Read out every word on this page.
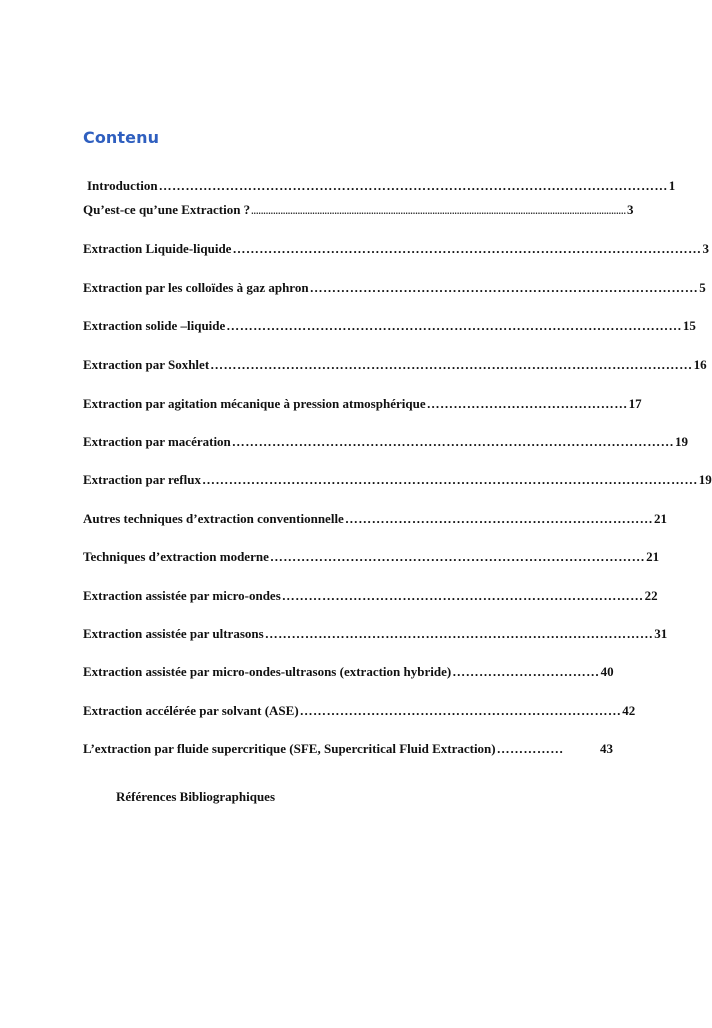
Contenu
Introduction …………………………………………………………………………………………………… 1
Qu’est-ce qu’une Extraction ? ......................................................................................................................................................... 3
Extraction Liquide-liquide …………………………………………………………………………………………… 3
Extraction par les colloïdes à gaz aphron …………………………………………………………………………… 5
Extraction solide –liquide ………………………………………………………………………………………… 15
Extraction par Soxhlet ……………………………………………………………………………………………… 16
Extraction par agitation mécanique à pression atmosphérique ……………………………………… 17
Extraction par macération ……………………………………………………………………………………… 19
Extraction par reflux ………………………………………………………………………………………………… 19
Autres techniques d’extraction conventionnelle …………………………………………………………… 21
Techniques d’extraction moderne ………………………………………………………………………… 21
Extraction assistée par micro-ondes ……………………………………………………………………… 22
Extraction assistée par ultrasons …………………………………………………………………………… 31
Extraction assistée par micro-ondes-ultrasons (extraction hybride) …………………………… 40
Extraction accélérée par solvant (ASE) ……………………………………………………………… 42
L’extraction par fluide supercritique (SFE, Supercritical Fluid Extraction) ……………	43
Références Bibliographiques
